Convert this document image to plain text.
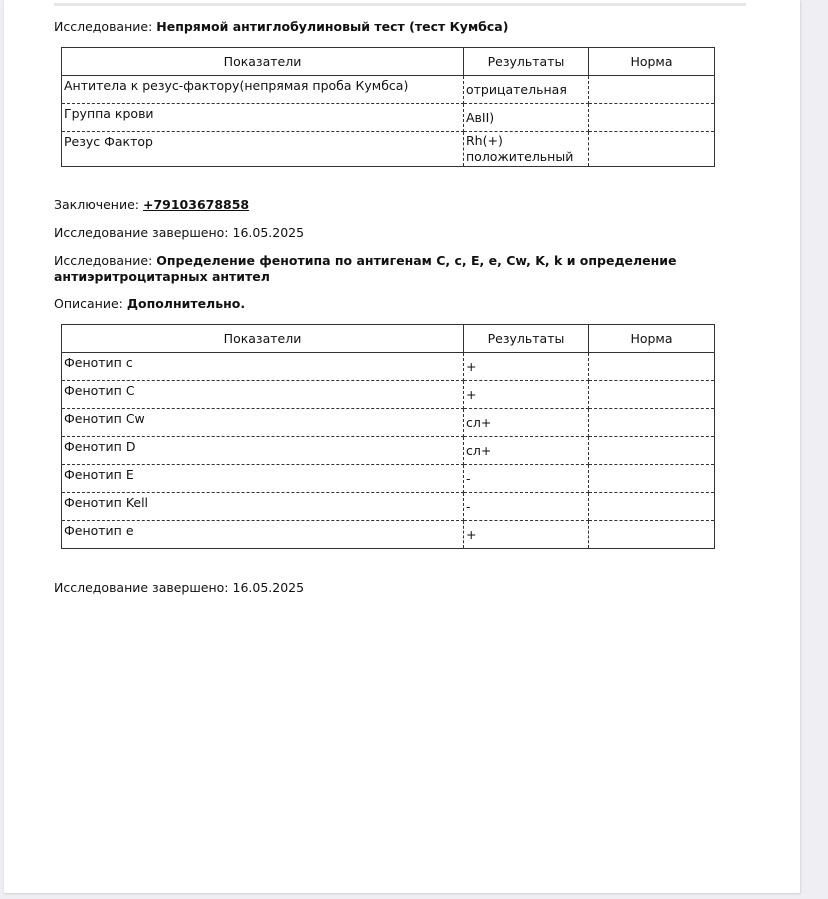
Исследование: Непрямой антиглобулиновый тест (тест Кумбса)
Показатели	Результаты	Норма
Антитела к резус-фактору(непрямая проба Кумбса)	отрицательная	
Группа крови	AвII)	
Резус Фактор	Rh(+) положительный	
Заключение: +79103678858
Исследование завершено: 16.05.2025
Исследование: Определение фенотипа по антигенам C, c, E, e, Cw, K, k и определение антиэритроцитарных антител
Описание: Дополнительно.
Показатели	Результаты	Норма
Фенотип с	+	
Фенотип С	+	
Фенотип Cw	сл+	
Фенотип D	сл+	
Фенотип Е	-	
Фенотип Kell	-	
Фенотип е	+	
Исследование завершено: 16.05.2025
